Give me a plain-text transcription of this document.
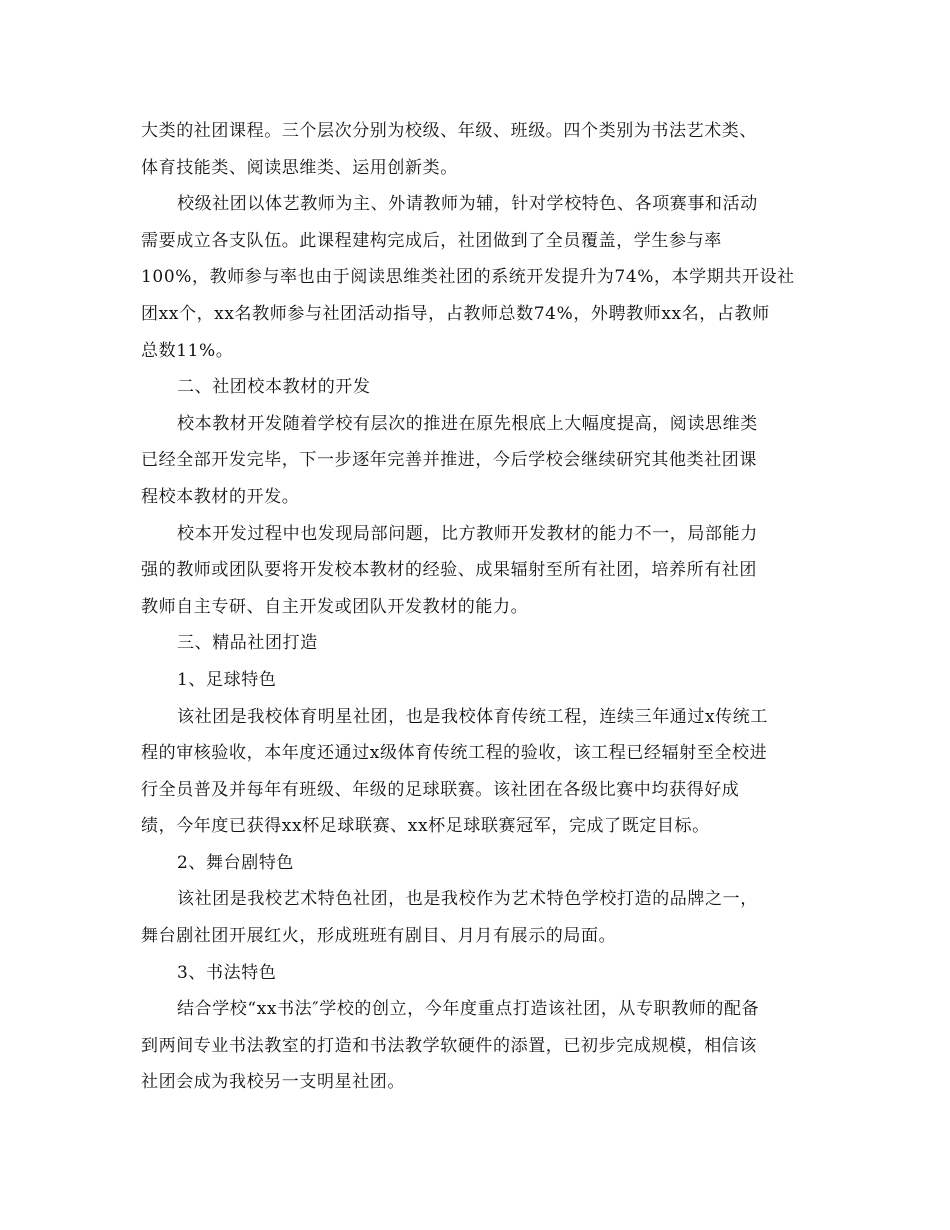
大类的社团课程。三个层次分别为校级、年级、班级。四个类别为书法艺术类、
体育技能类、阅读思维类、运用创新类。
校级社团以体艺教师为主、外请教师为辅，针对学校特色、各项赛事和活动
需要成立各支队伍。此课程建构完成后，社团做到了全员覆盖，学生参与率
100%，教师参与率也由于阅读思维类社团的系统开发提升为74%，本学期共开设社
团xx个，xx名教师参与社团活动指导，占教师总数74%，外聘教师xx名，占教师
总数11%。
二、社团校本教材的开发
校本教材开发随着学校有层次的推进在原先根底上大幅度提高，阅读思维类
已经全部开发完毕，下一步逐年完善并推进，今后学校会继续研究其他类社团课
程校本教材的开发。
校本开发过程中也发现局部问题，比方教师开发教材的能力不一，局部能力
强的教师或团队要将开发校本教材的经验、成果辐射至所有社团，培养所有社团
教师自主专研、自主开发或团队开发教材的能力。
三、精品社团打造
1、足球特色
该社团是我校体育明星社团，也是我校体育传统工程，连续三年通过x传统工
程的审核验收，本年度还通过x级体育传统工程的验收，该工程已经辐射至全校进
行全员普及并每年有班级、年级的足球联赛。该社团在各级比赛中均获得好成
绩，今年度已获得xx杯足球联赛、xx杯足球联赛冠军，完成了既定目标。
2、舞台剧特色
该社团是我校艺术特色社团，也是我校作为艺术特色学校打造的品牌之一，
舞台剧社团开展红火，形成班班有剧目、月月有展示的局面。
3、书法特色
结合学校“xx书法″学校的创立，今年度重点打造该社团，从专职教师的配备
到两间专业书法教室的打造和书法教学软硬件的添置，已初步完成规模，相信该
社团会成为我校另一支明星社团。
